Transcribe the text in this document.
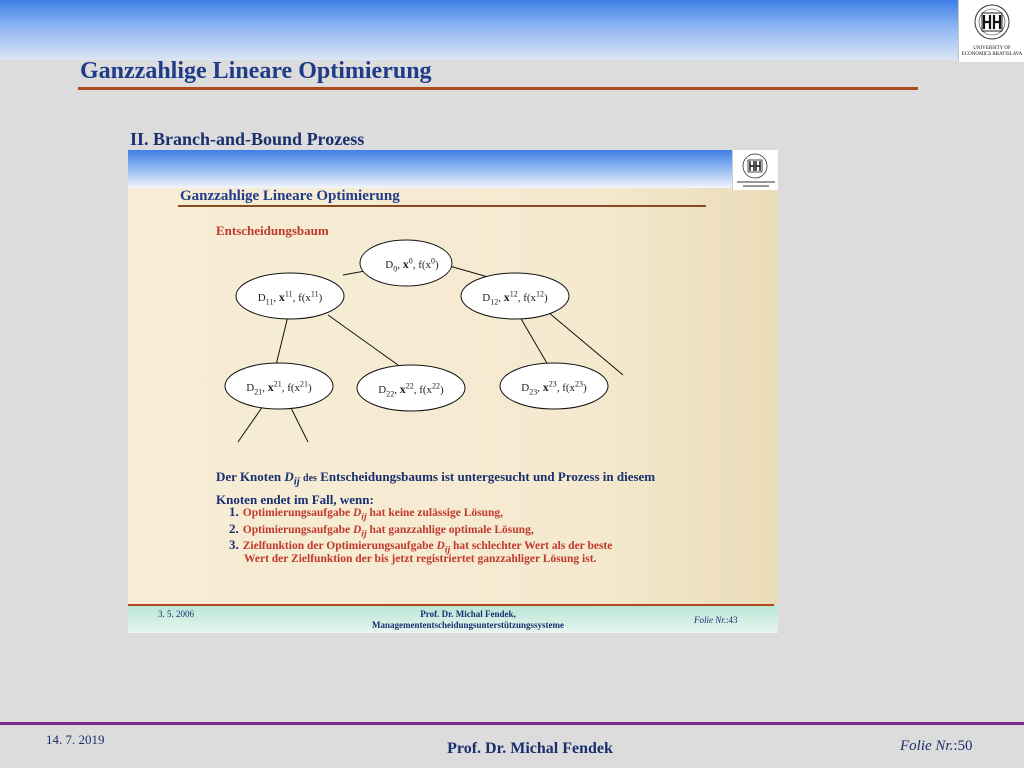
UNIVERSITY OF ECONOMICS BRATISLAVA
Ganzzahlige Lineare Optimierung
II. Branch-and-Bound Prozess
Ganzzahlige Lineare Optimierung
Entscheidungsbaum
$D_0$, $x^0$, $f(x^0)$
$D_{11}$, $x^{11}$, $f(x^{11})$	$D_{12}$, $x^{12}$, $f(x^{12})$
$D_{21}$, $x^{21}$, $f(x^{21})$	$D_{22}$, $x^{22}$, $f(x^{22})$	$D_{23}$, $x^{23}$, $f(x^{23})$
Der Knoten $D_{ij}$ des Entscheidungsbaums ist untergesucht und Prozess in diesem Knoten endet im Fall, wenn:
1. Optimierungsaufgabe $D_{ij}$ hat keine zulässige Lösung,
2. Optimierungsaufgabe $D_{ij}$ hat ganzzahlige optimale Lösung,
3. Zielfunktion der Optimierungsaufgabe $D_{ij}$ hat schlechter Wert als der beste
Wert der Zielfunktion der bis jetzt registriertet ganzzahliger Lösung ist.
3. 5. 2006	Prof. Dr. Michal Fendek,
Managemententscheidungsunterstützungssysteme	Folie Nr.:43
14. 7. 2019
Prof. Dr. Michal Fendek	Folie Nr.:50
